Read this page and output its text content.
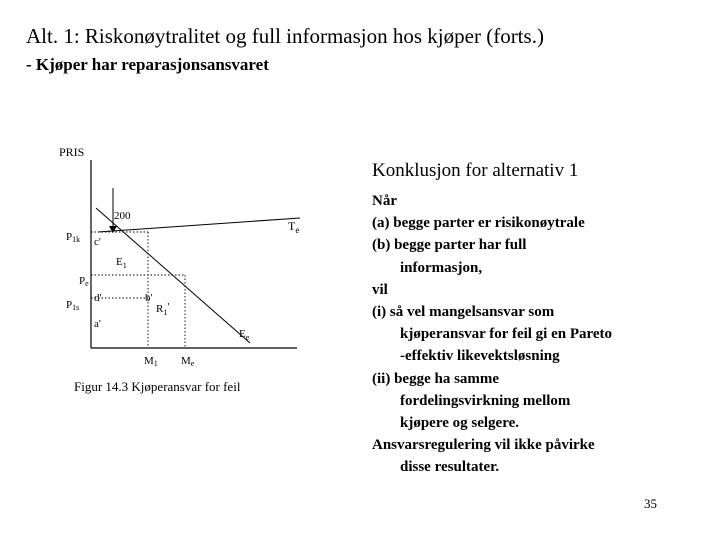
Alt. 1: Riskonøytralitet og full informasjon hos kjøper (forts.)
- Kjøper har reparasjonsansvaret
PRIS
200
$T_e$
P1k c'
$E_1$
Pe
P1s
d'	b'
$R_1'$
a'
$E_e$
M1 Me
Figur 14.3 Kjøperansvar for feil
Konklusjon for alternativ 1
Når
(a) begge parter er risikonøytrale
(b) begge parter har full
informasjon,
vil
(i) så vel mangelsansvar som
kjøperansvar for feil gi en Pareto
-effektiv likevektsløsning
(ii) begge ha samme
fordelingsvirkning mellom
kjøpere og selgere.
Ansvarsregulering vil ikke påvirke
disse resultater.
35
